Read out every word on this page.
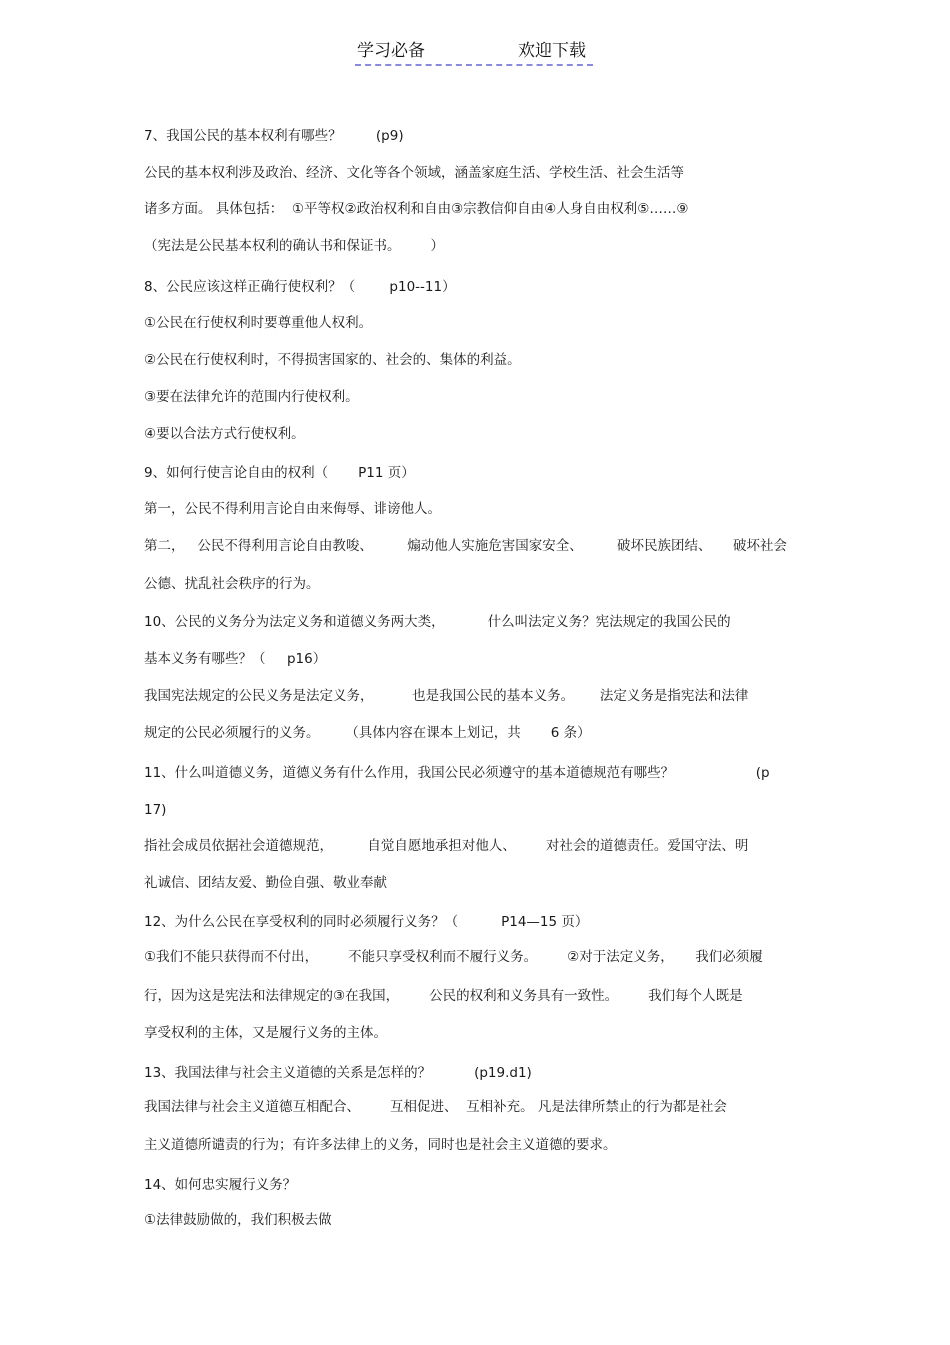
学习必备	欢迎下载
7、我国公民的基本权利有哪些？        (p9)
公民的基本权利涉及政治、经济、文化等各个领域，涵盖家庭生活、学校生活、社会生活等
诸多方面。 具体包括：  ①平等权②政治权利和自由③宗教信仰自由④人身自由权利⑤……⑨
（宪法是公民基本权利的确认书和保证书。       ）
8、公民应该这样正确行使权利？（        p10--11）
①公民在行使权利时要尊重他人权利。
②公民在行使权利时，不得损害国家的、社会的、集体的利益。
③要在法律允许的范围内行使权利。
④要以合法方式行使权利。
9、如何行使言论自由的权利（       P11 页）
第一，公民不得利用言论自由来侮辱、诽谤他人。
第二，   公民不得利用言论自由教唆、        煽动他人实施危害国家安全、        破坏民族团结、     破坏社会
公德、扰乱社会秩序的行为。
10、公民的义务分为法定义务和道德义务两大类，          什么叫法定义务？宪法规定的我国公民的
基本义务有哪些？（     p16）
我国宪法规定的公民义务是法定义务，         也是我国公民的基本义务。      法定义务是指宪法和法律
规定的公民必须履行的义务。      （具体内容在课本上划记，共       6 条）
11、什么叫道德义务，道德义务有什么作用，我国公民必须遵守的基本道德规范有哪些？                   (p
17)
指社会成员依据社会道德规范，        自觉自愿地承担对他人、       对社会的道德责任。爱国守法、明
礼诚信、团结友爱、勤俭自强、敬业奉献
12、为什么公民在享受权利的同时必须履行义务？（          P14—15 页）
①我们不能只获得而不付出，       不能只享受权利而不履行义务。       ②对于法定义务，     我们必须履
行，因为这是宪法和法律规定的③在我国，       公民的权利和义务具有一致性。       我们每个人既是
享受权利的主体，又是履行义务的主体。
13、我国法律与社会主义道德的关系是怎样的？          (p19.d1)
我国法律与社会主义道德互相配合、       互相促进、  互相补充。 凡是法律所禁止的行为都是社会
主义道德所谴责的行为；有许多法律上的义务，同时也是社会主义道德的要求。
14、如何忠实履行义务？
①法律鼓励做的，我们积极去做
